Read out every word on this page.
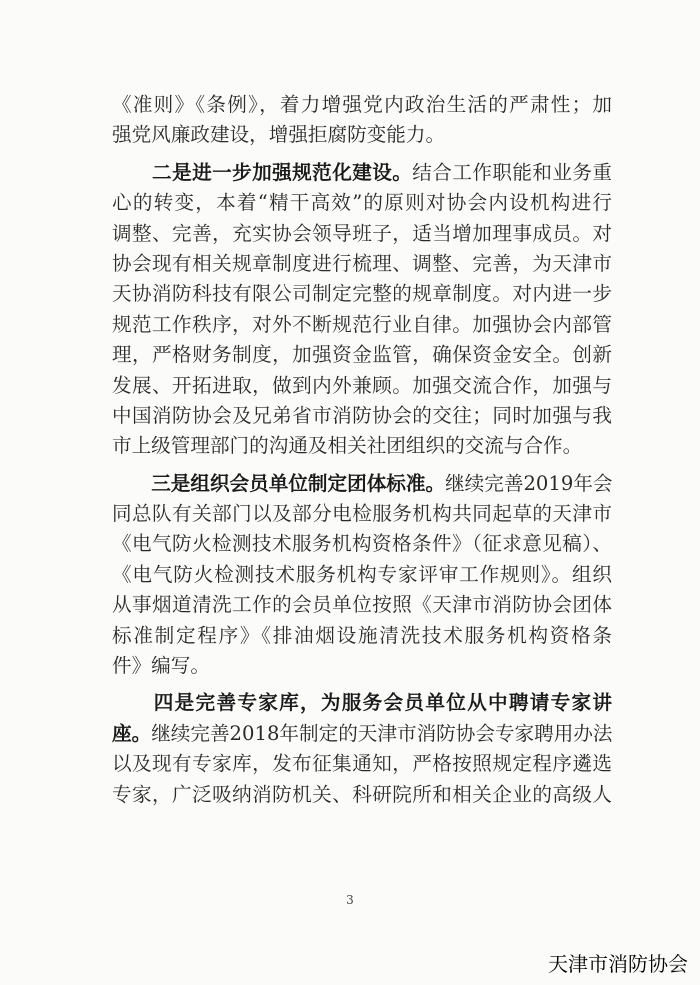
《准则》《条例》，着力增强党内政治生活的严肃性；加
强党风廉政建设，增强拒腐防变能力。
　　二是进一步加强规范化建设。结合工作职能和业务重
心的转变，本着“精干高效”的原则对协会内设机构进行
调整、完善，充实协会领导班子，适当增加理事成员。对
协会现有相关规章制度进行梳理、调整、完善，为天津市
天协消防科技有限公司制定完整的规章制度。对内进一步
规范工作秩序，对外不断规范行业自律。加强协会内部管
理，严格财务制度，加强资金监管，确保资金安全。创新
发展、开拓进取，做到内外兼顾。加强交流合作，加强与
中国消防协会及兄弟省市消防协会的交往；同时加强与我
市上级管理部门的沟通及相关社团组织的交流与合作。
　　三是组织会员单位制定团体标准。继续完善2019年会
同总队有关部门以及部分电检服务机构共同起草的天津市
《电气防火检测技术服务机构资格条件》（征求意见稿）、
《电气防火检测技术服务机构专家评审工作规则》。组织
从事烟道清洗工作的会员单位按照《天津市消防协会团体
标准制定程序》《排油烟设施清洗技术服务机构资格条
件》编写。
　　四是完善专家库，为服务会员单位从中聘请专家讲
座。继续完善2018年制定的天津市消防协会专家聘用办法
以及现有专家库，发布征集通知，严格按照规定程序遴选
专家，广泛吸纳消防机关、科研院所和相关企业的高级人
3
天津市消防协会
